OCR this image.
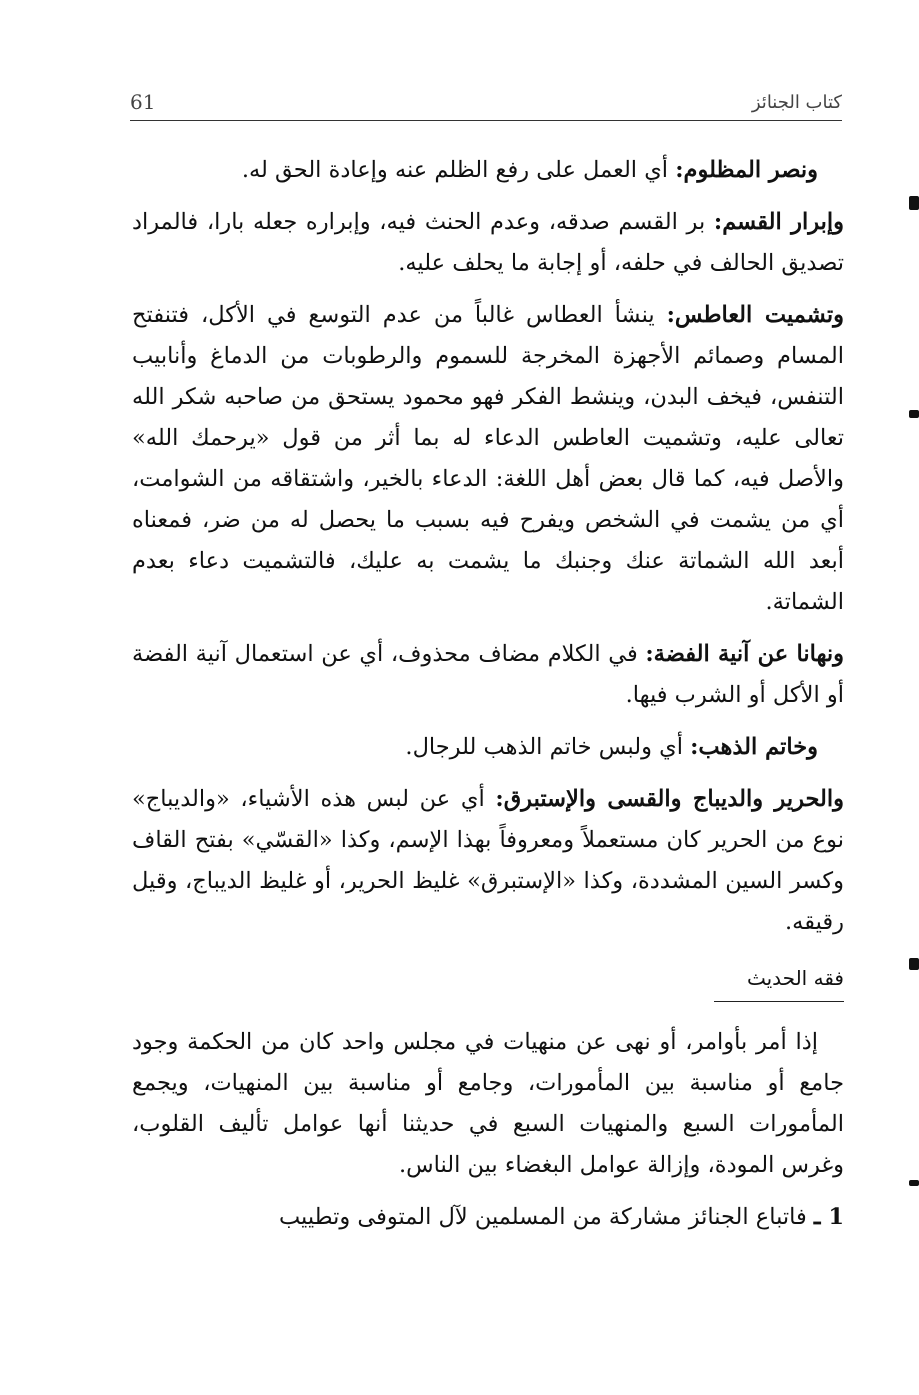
61	كتاب الجنائز

ونصر المظلوم: أي العمل على رفع الظلم عنه وإعادة الحق له.

وإبرار القسم: بر القسم صدقه، وعدم الحنث فيه، وإبراره جعله بارا، فالمراد تصديق الحالف في حلفه، أو إجابة ما يحلف عليه.

وتشميت العاطس: ينشأ العطاس غالباً من عدم التوسع في الأكل، فتنفتح المسام وصمائم الأجهزة المخرجة للسموم والرطوبات من الدماغ وأنابيب التنفس، فيخف البدن، وينشط الفكر فهو محمود يستحق من صاحبه شكر الله تعالى عليه، وتشميت العاطس الدعاء له بما أثر من قول «يرحمك الله» والأصل فيه، كما قال بعض أهل اللغة: الدعاء بالخير، واشتقاقه من الشوامت، أي من يشمت في الشخص ويفرح فيه بسبب ما يحصل له من ضر، فمعناه أبعد الله الشماتة عنك وجنبك ما يشمت به عليك، فالتشميت دعاء بعدم الشماتة.

ونهانا عن آنية الفضة: في الكلام مضاف محذوف، أي عن استعمال آنية الفضة أو الأكل أو الشرب فيها.

وخاتم الذهب: أي ولبس خاتم الذهب للرجال.

والحرير والديباج والقسى والإستبرق: أي عن لبس هذه الأشياء، «والديباج» نوع من الحرير كان مستعملاً ومعروفاً بهذا الإسم، وكذا «القسّي» بفتح القاف وكسر السين المشددة، وكذا «الإستبرق» غليظ الحرير، أو غليظ الديباج، وقيل رقيقه.

فقه الحديث

إذا أمر بأوامر، أو نهى عن منهيات في مجلس واحد كان من الحكمة وجود جامع أو مناسبة بين المأمورات، وجامع أو مناسبة بين المنهيات، ويجمع المأمورات السبع والمنهيات السبع في حديثنا أنها عوامل تأليف القلوب، وغرس المودة، وإزالة عوامل البغضاء بين الناس.

1 ـ فاتباع الجنائز مشاركة من المسلمين لآل المتوفى وتطييب
